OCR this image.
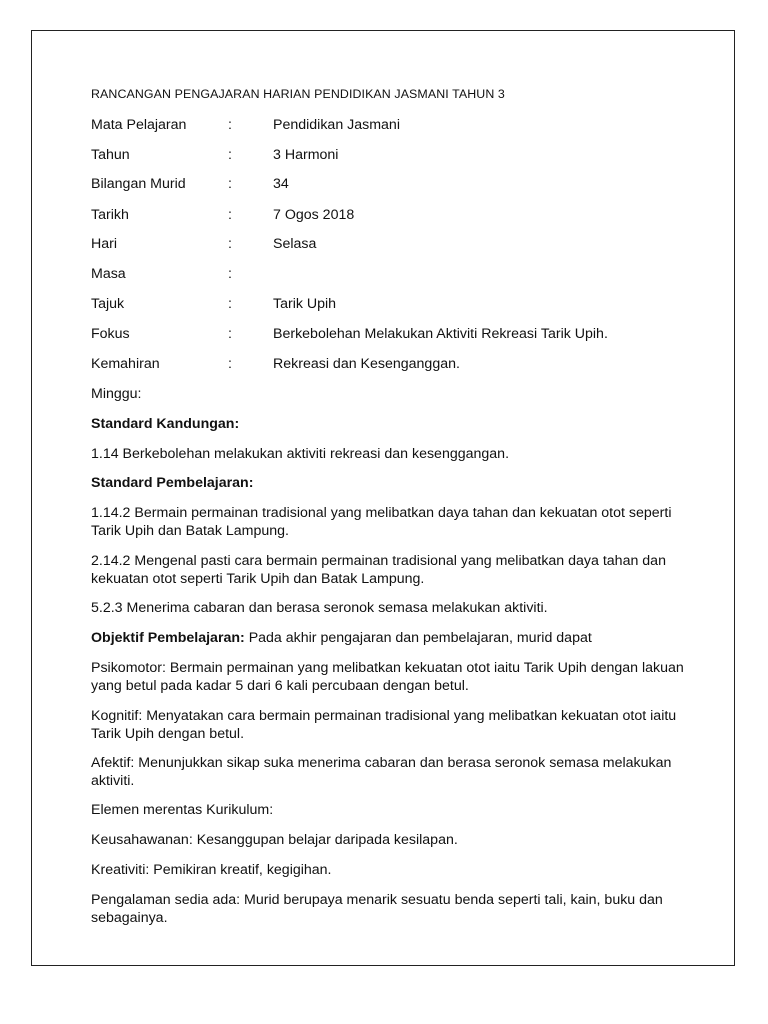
RANCANGAN PENGAJARAN HARIAN PENDIDIKAN JASMANI TAHUN 3
Mata Pelajaran	:	Pendidikan Jasmani
Tahun	:	3 Harmoni
Bilangan Murid	:	34
Tarikh	:	7 Ogos 2018
Hari	:	Selasa
Masa	:
Tajuk	:	Tarik Upih
Fokus	:	Berkebolehan Melakukan Aktiviti Rekreasi Tarik Upih.
Kemahiran	:	Rekreasi dan Kesenganggan.
Minggu:
Standard Kandungan:
1.14 Berkebolehan melakukan aktiviti rekreasi dan kesenggangan.
Standard Pembelajaran:
1.14.2 Bermain permainan tradisional yang melibatkan daya tahan dan kekuatan otot seperti Tarik Upih dan Batak Lampung.
2.14.2 Mengenal pasti cara bermain permainan tradisional yang melibatkan daya tahan dan kekuatan otot seperti Tarik Upih dan Batak Lampung.
5.2.3 Menerima cabaran dan berasa seronok semasa melakukan aktiviti.
Objektif Pembelajaran: Pada akhir pengajaran dan pembelajaran, murid dapat
Psikomotor: Bermain permainan yang melibatkan kekuatan otot iaitu Tarik Upih dengan lakuan yang betul pada kadar 5 dari 6 kali percubaan dengan betul.
Kognitif: Menyatakan cara bermain permainan tradisional yang melibatkan kekuatan otot iaitu Tarik Upih dengan betul.
Afektif: Menunjukkan sikap suka menerima cabaran dan berasa seronok semasa melakukan aktiviti.
Elemen merentas Kurikulum:
Keusahawanan: Kesanggupan belajar daripada kesilapan.
Kreativiti: Pemikiran kreatif, kegigihan.
Pengalaman sedia ada: Murid berupaya menarik sesuatu benda seperti tali, kain, buku dan sebagainya.
